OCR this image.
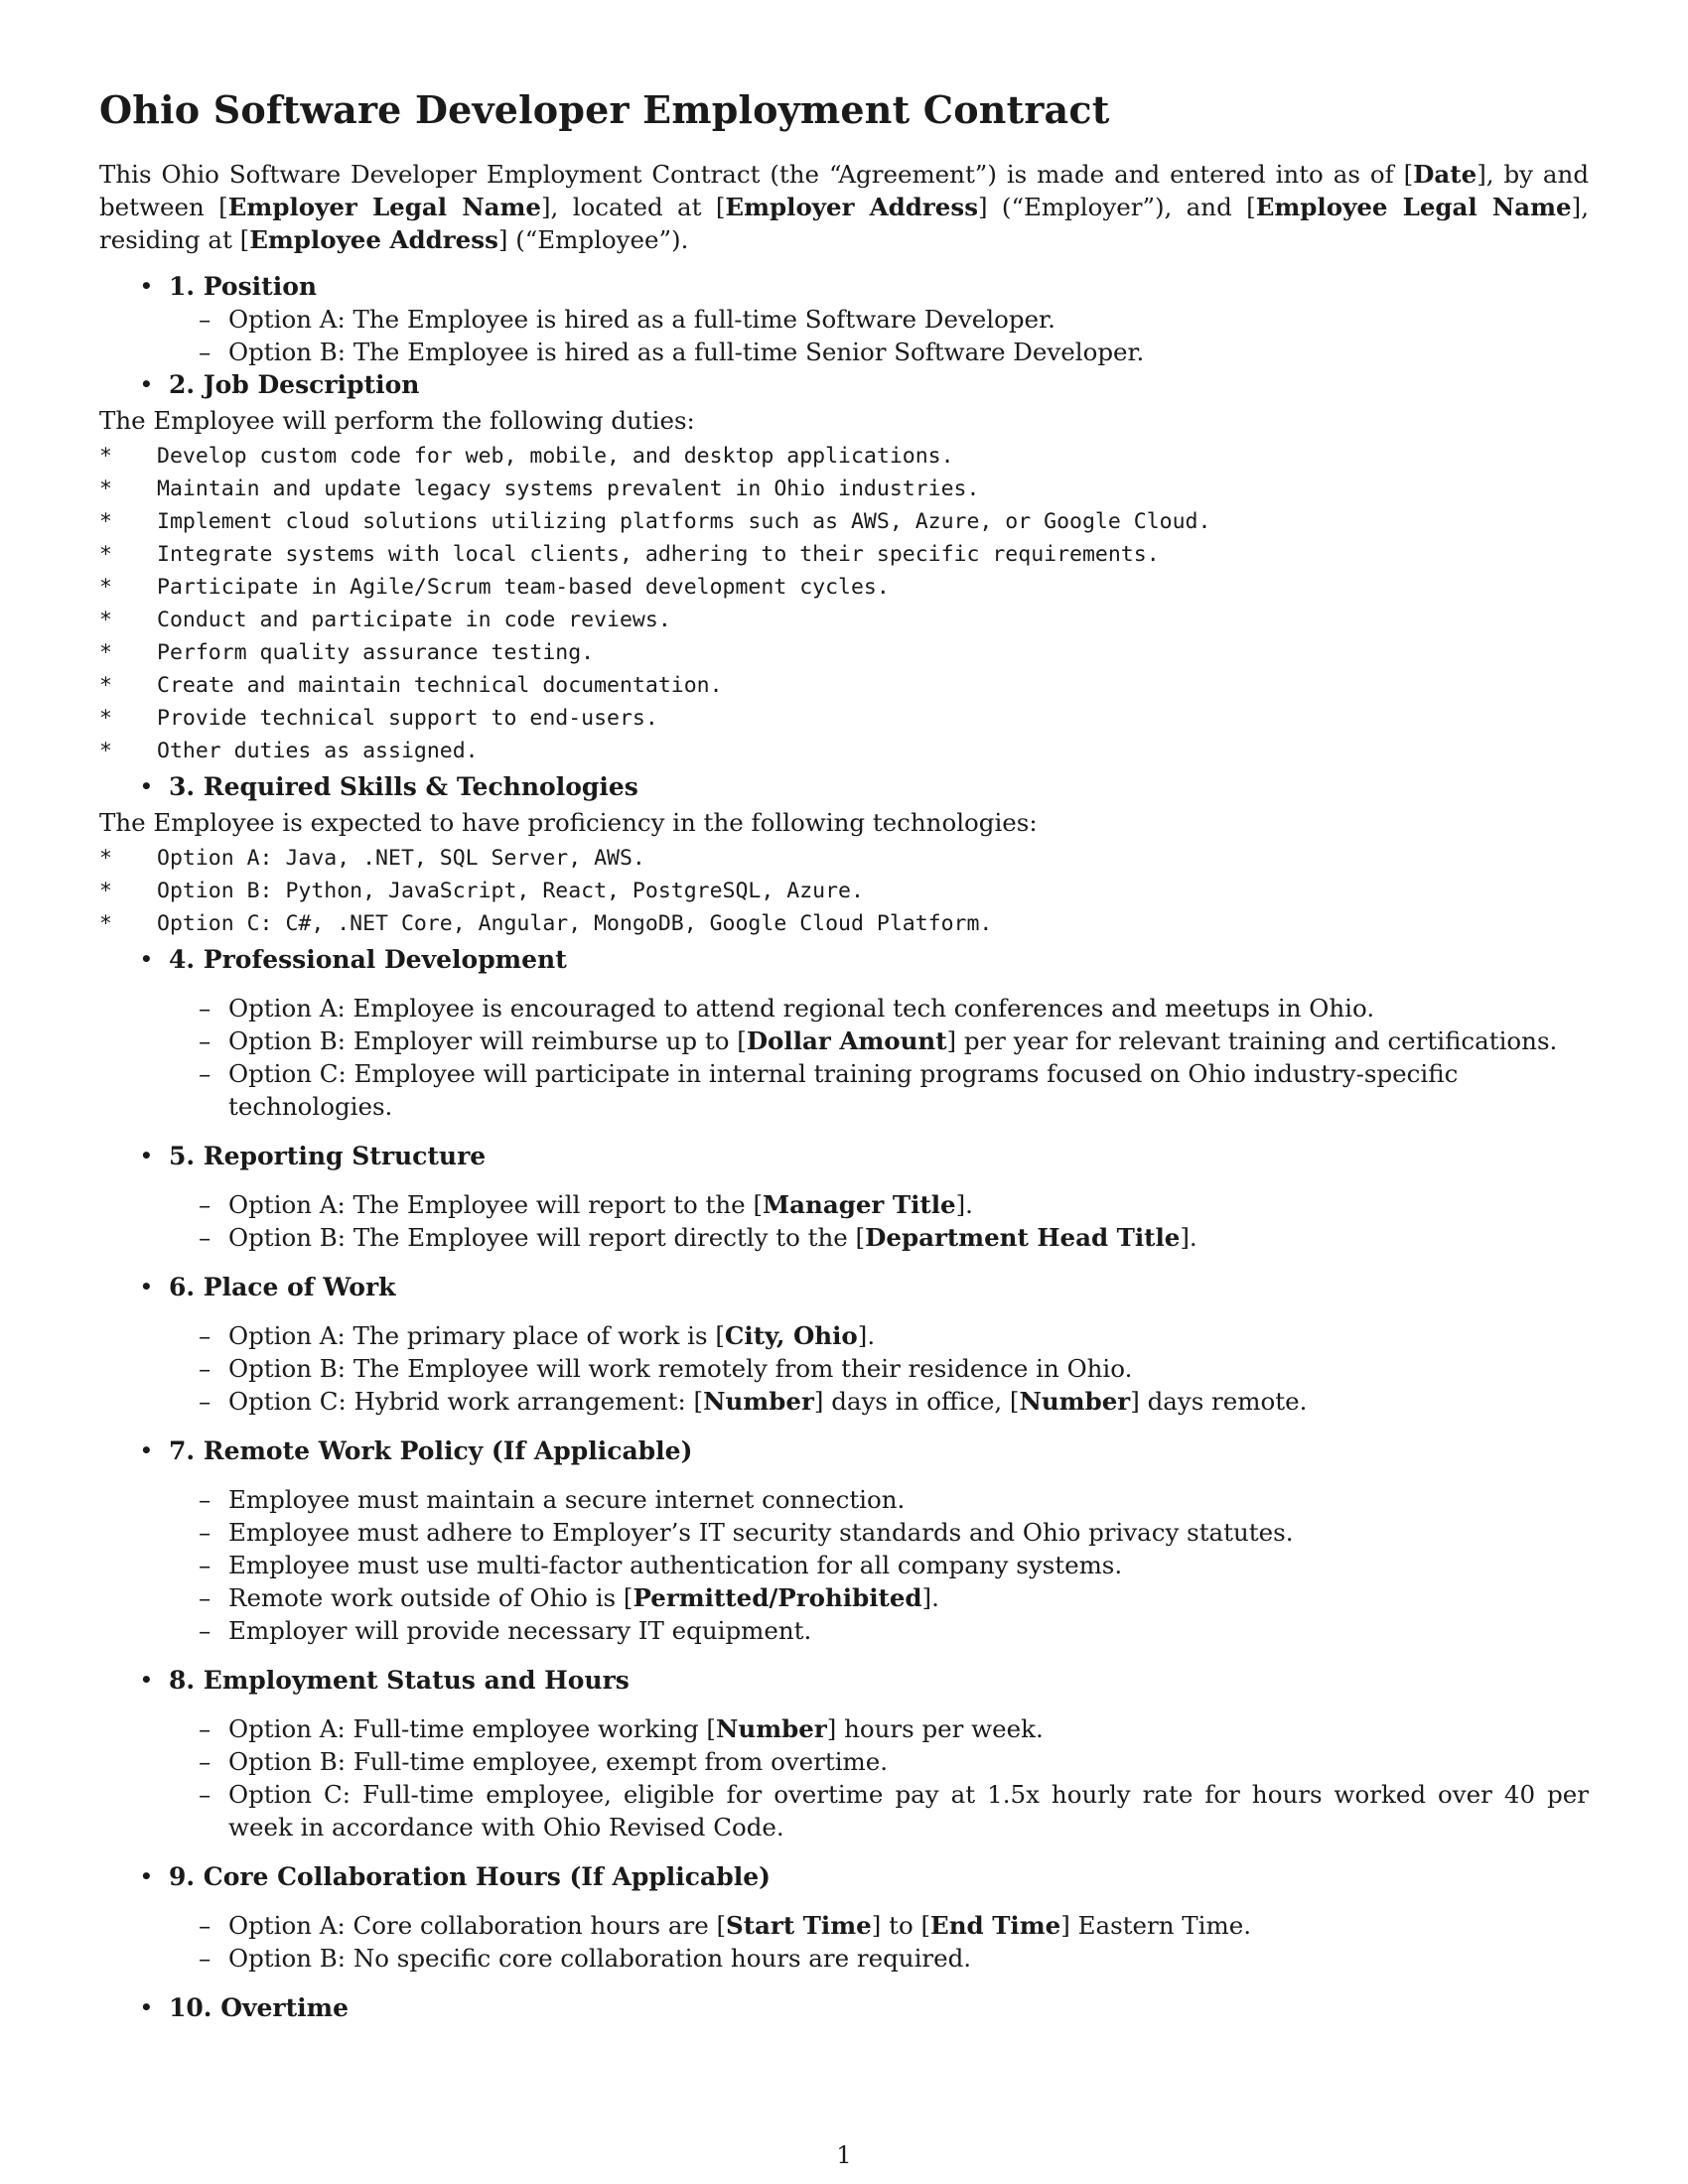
Ohio Software Developer Employment Contract

This Ohio Software Developer Employment Contract (the “Agreement”) is made and entered into as of [Date], by and between [Employer Legal Name], located at [Employer Address] (“Employer”), and [Employee Legal Name], residing at [Employee Address] (“Employee”).

• 1. Position
– Option A: The Employee is hired as a full-time Software Developer.
– Option B: The Employee is hired as a full-time Senior Software Developer.
• 2. Job Description

The Employee will perform the following duties:

* Develop custom code for web, mobile, and desktop applications.
* Maintain and update legacy systems prevalent in Ohio industries.
* Implement cloud solutions utilizing platforms such as AWS, Azure, or Google Cloud.
* Integrate systems with local clients, adhering to their specific requirements.
* Participate in Agile/Scrum team-based development cycles.
* Conduct and participate in code reviews.
* Perform quality assurance testing.
* Create and maintain technical documentation.
* Provide technical support to end-users.
* Other duties as assigned.
• 3. Required Skills & Technologies

The Employee is expected to have proficiency in the following technologies:

* Option A: Java, .NET, SQL Server, AWS.
* Option B: Python, JavaScript, React, PostgreSQL, Azure.
* Option C: C#, .NET Core, Angular, MongoDB, Google Cloud Platform.
• 4. Professional Development
– Option A: Employee is encouraged to attend regional tech conferences and meetups in Ohio.
– Option B: Employer will reimburse up to [Dollar Amount] per year for relevant training and certifications.
– Option C: Employee will participate in internal training programs focused on Ohio industry-specific technologies.
• 5. Reporting Structure
– Option A: The Employee will report to the [Manager Title].
– Option B: The Employee will report directly to the [Department Head Title].
• 6. Place of Work
– Option A: The primary place of work is [City, Ohio].
– Option B: The Employee will work remotely from their residence in Ohio.
– Option C: Hybrid work arrangement: [Number] days in office, [Number] days remote.
• 7. Remote Work Policy (If Applicable)
– Employee must maintain a secure internet connection.
– Employee must adhere to Employer’s IT security standards and Ohio privacy statutes.
– Employee must use multi-factor authentication for all company systems.
– Remote work outside of Ohio is [Permitted/Prohibited].
– Employer will provide necessary IT equipment.
• 8. Employment Status and Hours
– Option A: Full-time employee working [Number] hours per week.
– Option B: Full-time employee, exempt from overtime.
– Option C: Full-time employee, eligible for overtime pay at 1.5x hourly rate for hours worked over 40 per week in accordance with Ohio Revised Code.
• 9. Core Collaboration Hours (If Applicable)
– Option A: Core collaboration hours are [Start Time] to [End Time] Eastern Time.
– Option B: No specific core collaboration hours are required.
• 10. Overtime
1
